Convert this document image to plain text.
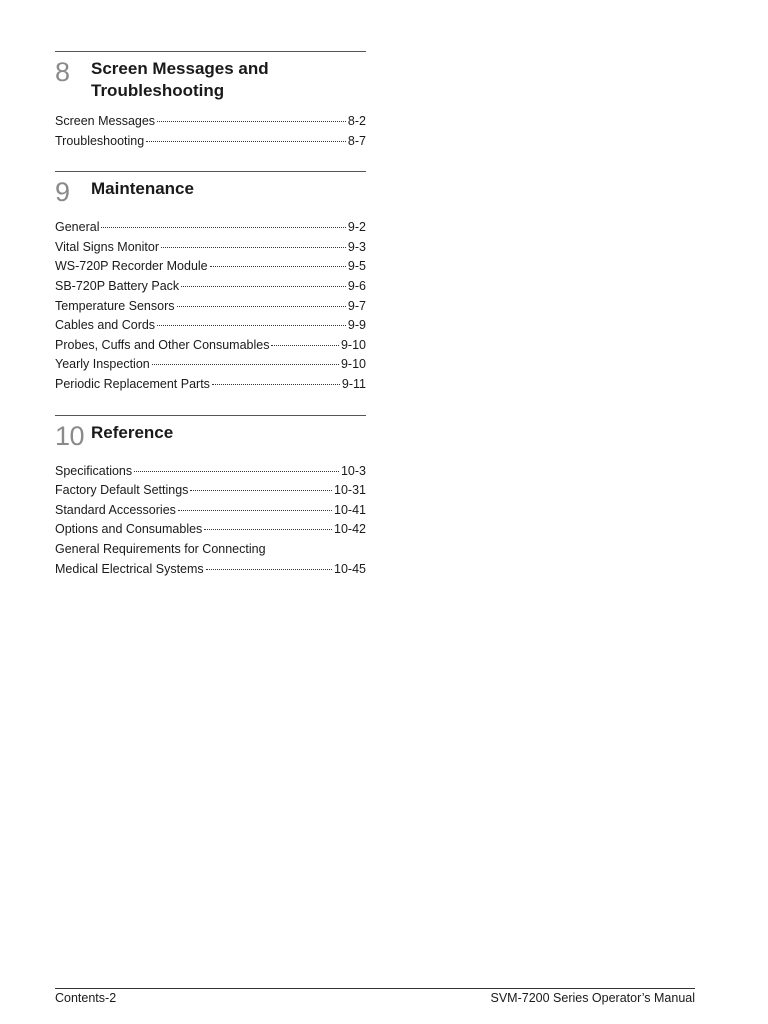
8	Screen Messages and
Troubleshooting
Screen Messages	8-2
Troubleshooting	8-7
9	Maintenance
General	9-2
Vital Signs Monitor	9-3
WS-720P Recorder Module	9-5
SB-720P Battery Pack	9-6
Temperature Sensors	9-7
Cables and Cords	9-9
Probes, Cuffs and Other Consumables	9-10
Yearly Inspection	9-10
Periodic Replacement Parts	9-11
10 Reference
Specifications	10-3
Factory Default Settings	10-31
Standard Accessories	10-41
Options and Consumables	10-42
General Requirements for Connecting
Medical Electrical Systems	10-45
Contents-2	SVM-7200 Series Operator’s Manual
